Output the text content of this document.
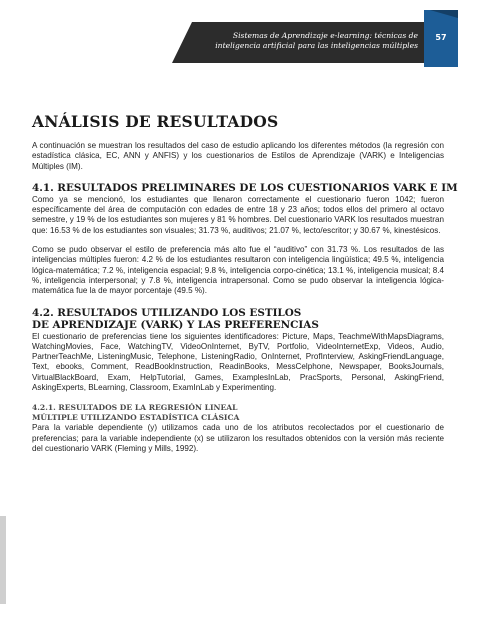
Sistemas de Aprendizaje e-learning: técnicas de
inteligencia artificial para las inteligencias múltiples
57
ANÁLISIS DE RESULTADOS

A continuación se muestran los resultados del caso de estudio aplicando los diferentes métodos (la regresión con estadística clásica, EC, ANN y ANFIS) y los cuestionarios de Estilos de Aprendizaje (VARK) e Inteligencias Múltiples (IM).

4.1. RESULTADOS PRELIMINARES DE LOS CUESTIONARIOS VARK E IM

Como ya se mencionó, los estudiantes que llenaron correctamente el cuestionario fueron 1042; fueron específicamente del área de computación con edades de entre 18 y 23 años; todos ellos del primero al octavo semestre, y 19 % de los estudiantes son mujeres y 81 % hombres. Del cuestionario VARK los resultados muestran que: 16.53 % de los estudiantes son visuales; 31.73 %, auditivos; 21.07 %, lecto/escritor; y 30.67 %, kinestésicos.

Como se pudo observar el estilo de preferencia más alto fue el “auditivo” con 31.73 %. Los resultados de las inteligencias múltiples fueron: 4.2 % de los estudiantes resultaron con inteligencia lingüística; 49.5 %, inteligencia lógica-matemática; 7.2 %, inteligencia espacial; 9.8 %, inteligencia corpo-cinética; 13.1 %, inteligencia musical; 8.4 %, inteligencia interpersonal; y 7.8 %, inteligencia intrapersonal. Como se pudo observar la inteligencia lógica-matemática fue la de mayor porcentaje (49.5 %).

4.2. RESULTADOS UTILIZANDO LOS ESTILOS
DE APRENDIZAJE (VARK) Y LAS PREFERENCIAS

El cuestionario de preferencias tiene los siguientes identificadores: Picture, Maps, TeachmeWithMapsDiagrams, WatchingMovies, Face, WatchingTV, VideoOnInternet, ByTV, Portfolio, VideoInternetExp, Videos, Audio, PartnerTeachMe, ListeningMusic, Telephone, ListeningRadio, OnInternet, ProfInterview, AskingFriendLanguage, Text, ebooks, Comment, ReadBookInstruction, ReadinBooks, MessCelphone, Newspaper, BooksJournals, VirtualBlackBoard, Exam, HelpTutorial, Games, ExamplesInLab, PracSports, Personal, AskingFriend, AskingExperts, BLearning, Classroom, ExamInLab y Experimenting.

4.2.1. RESULTADOS DE LA REGRESIÓN LINEAL
MÚLTIPLE UTILIZANDO ESTADÍSTICA CLÁSICA

Para la variable dependiente (y) utilizamos cada uno de los atributos recolectados por el cuestionario de preferencias; para la variable independiente (x) se utilizaron los resultados obtenidos con la versión más reciente del cuestionario VARK (Fleming y Mills, 1992).
